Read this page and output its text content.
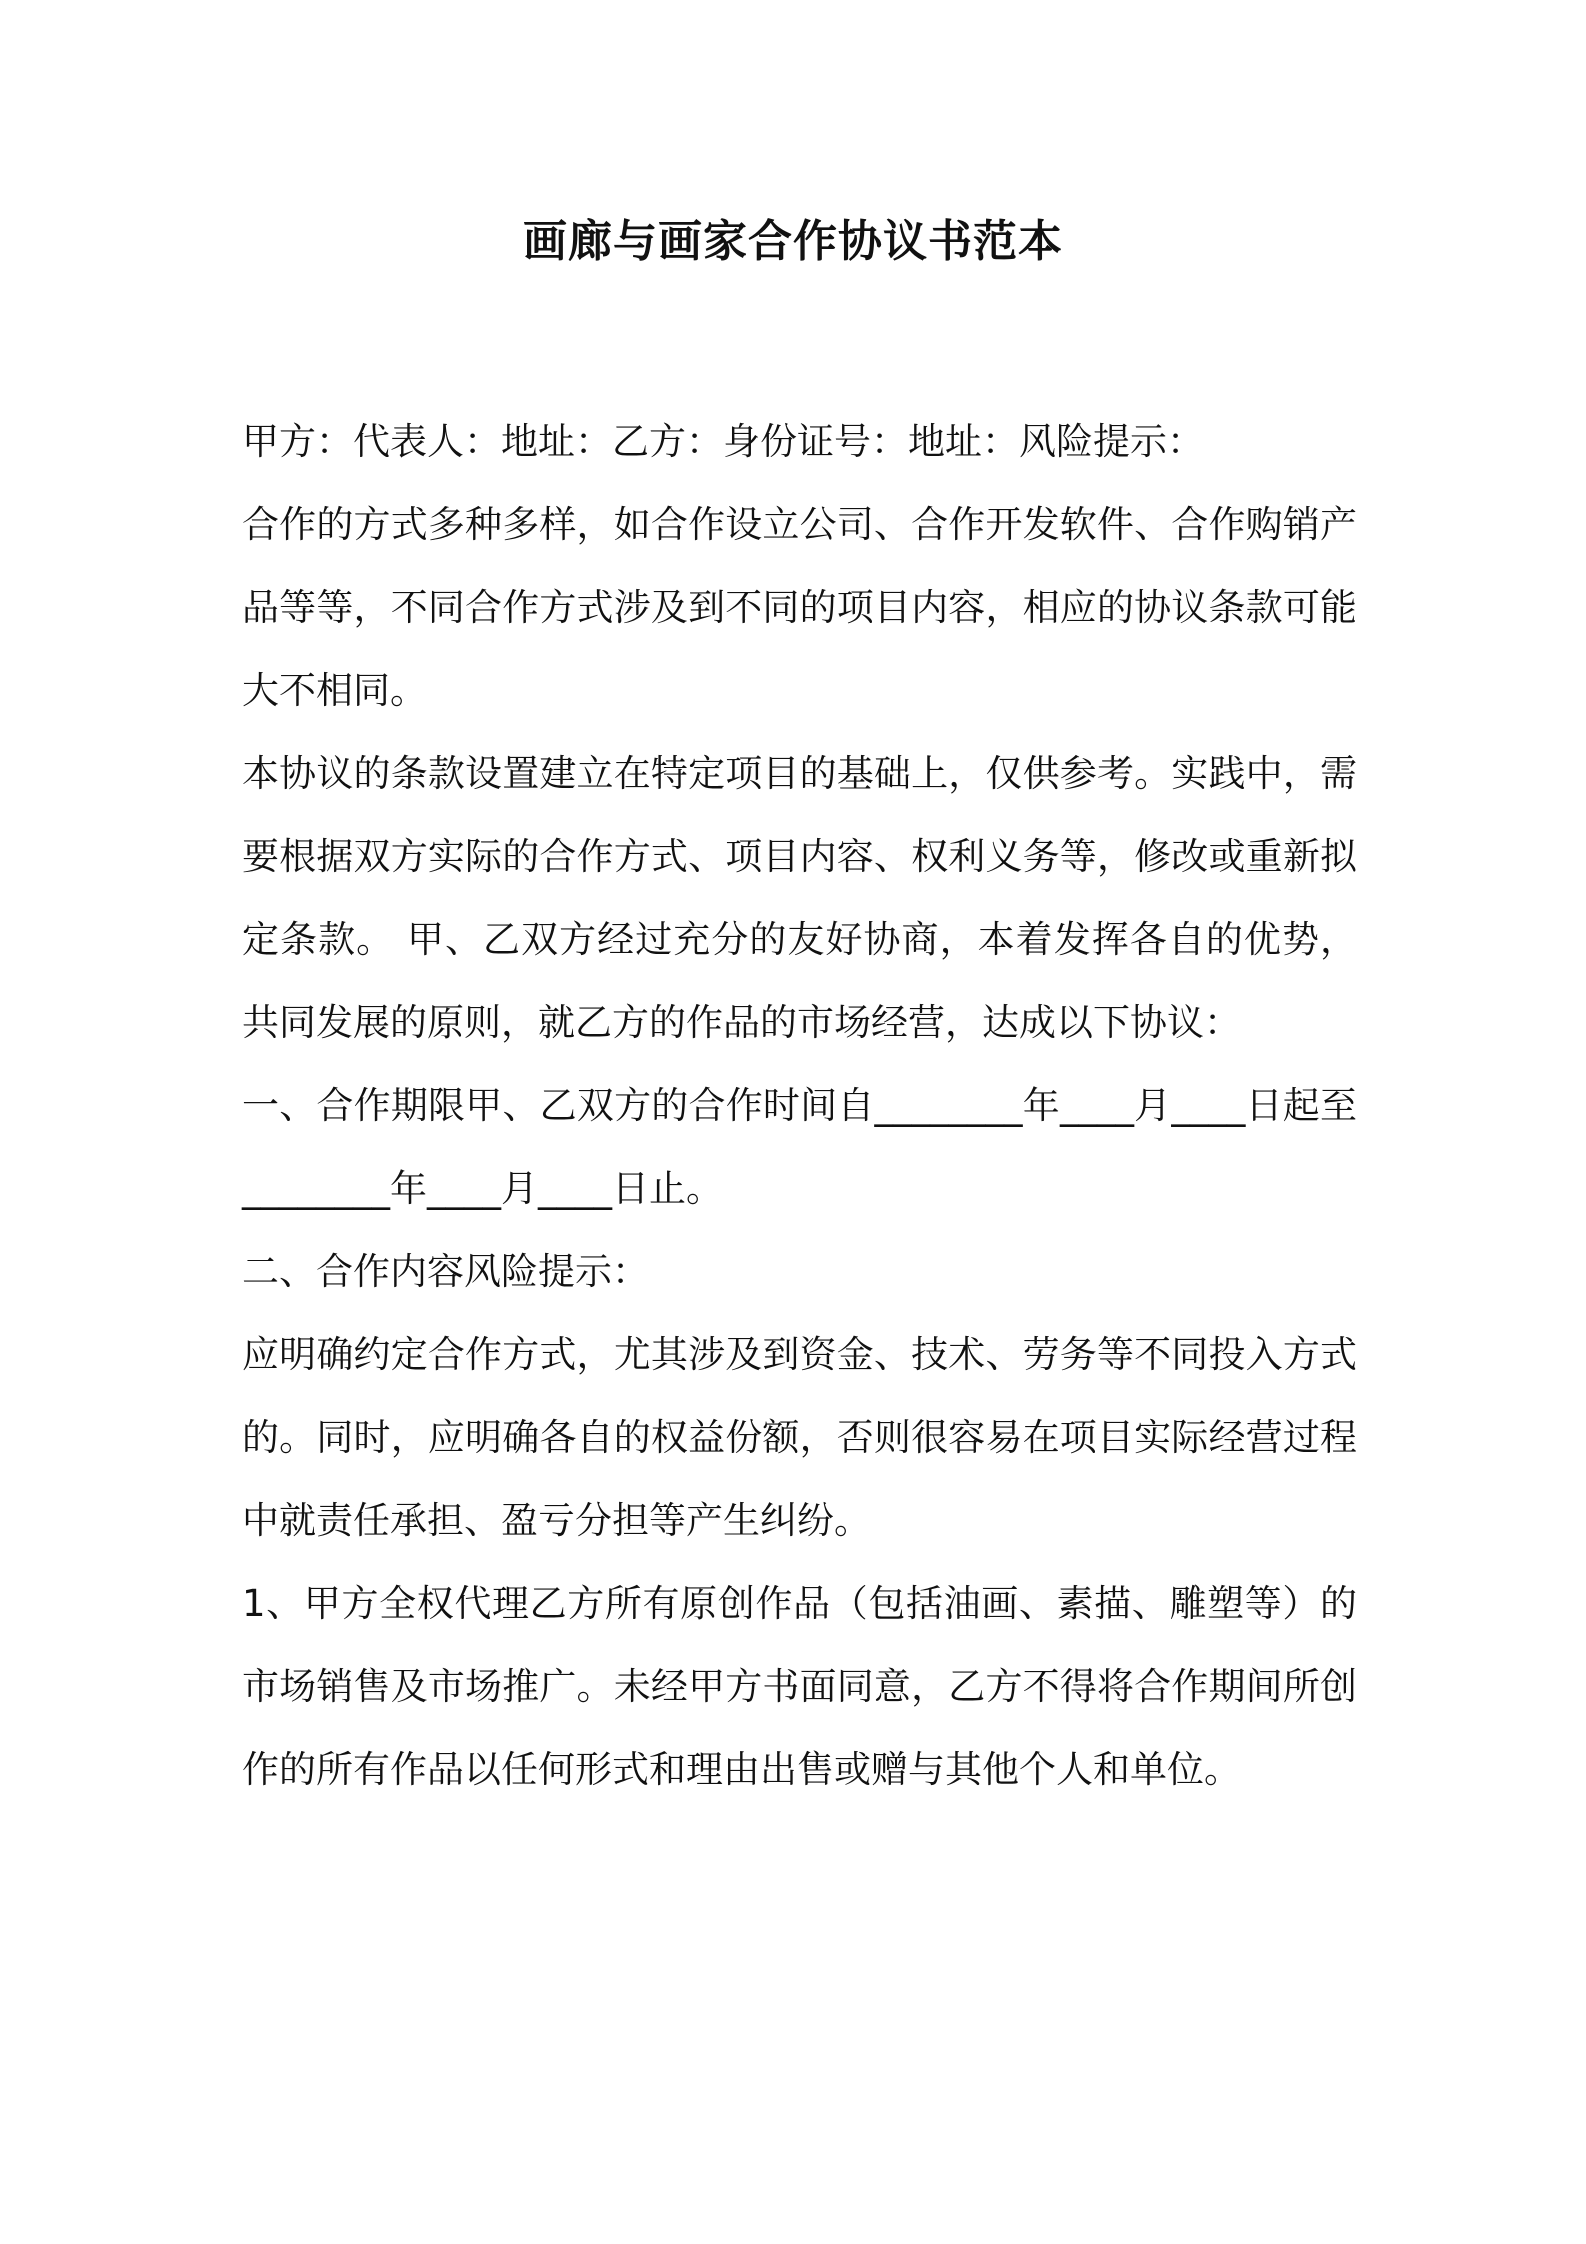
画廊与画家合作协议书范本

甲方：代表人：地址：乙方：身份证号：地址：风险提示：

合作的方式多种多样，如合作设立公司、合作开发软件、合作购销产品等等，不同合作方式涉及到不同的项目内容，相应的协议条款可能大不相同。

本协议的条款设置建立在特定项目的基础上，仅供参考。实践中，需要根据双方实际的合作方式、项目内容、权利义务等，修改或重新拟定条款。 甲、乙双方经过充分的友好协商，本着发挥各自的优势，共同发展的原则，就乙方的作品的市场经营，达成以下协议：

一、合作期限甲、乙双方的合作时间自________年____月____日起至________年____月____日止。

二、合作内容风险提示：

应明确约定合作方式，尤其涉及到资金、技术、劳务等不同投入方式的。同时，应明确各自的权益份额，否则很容易在项目实际经营过程中就责任承担、盈亏分担等产生纠纷。

1、甲方全权代理乙方所有原创作品（包括油画、素描、雕塑等）的市场销售及市场推广。未经甲方书面同意，乙方不得将合作期间所创作的所有作品以任何形式和理由出售或赠与其他个人和单位。
